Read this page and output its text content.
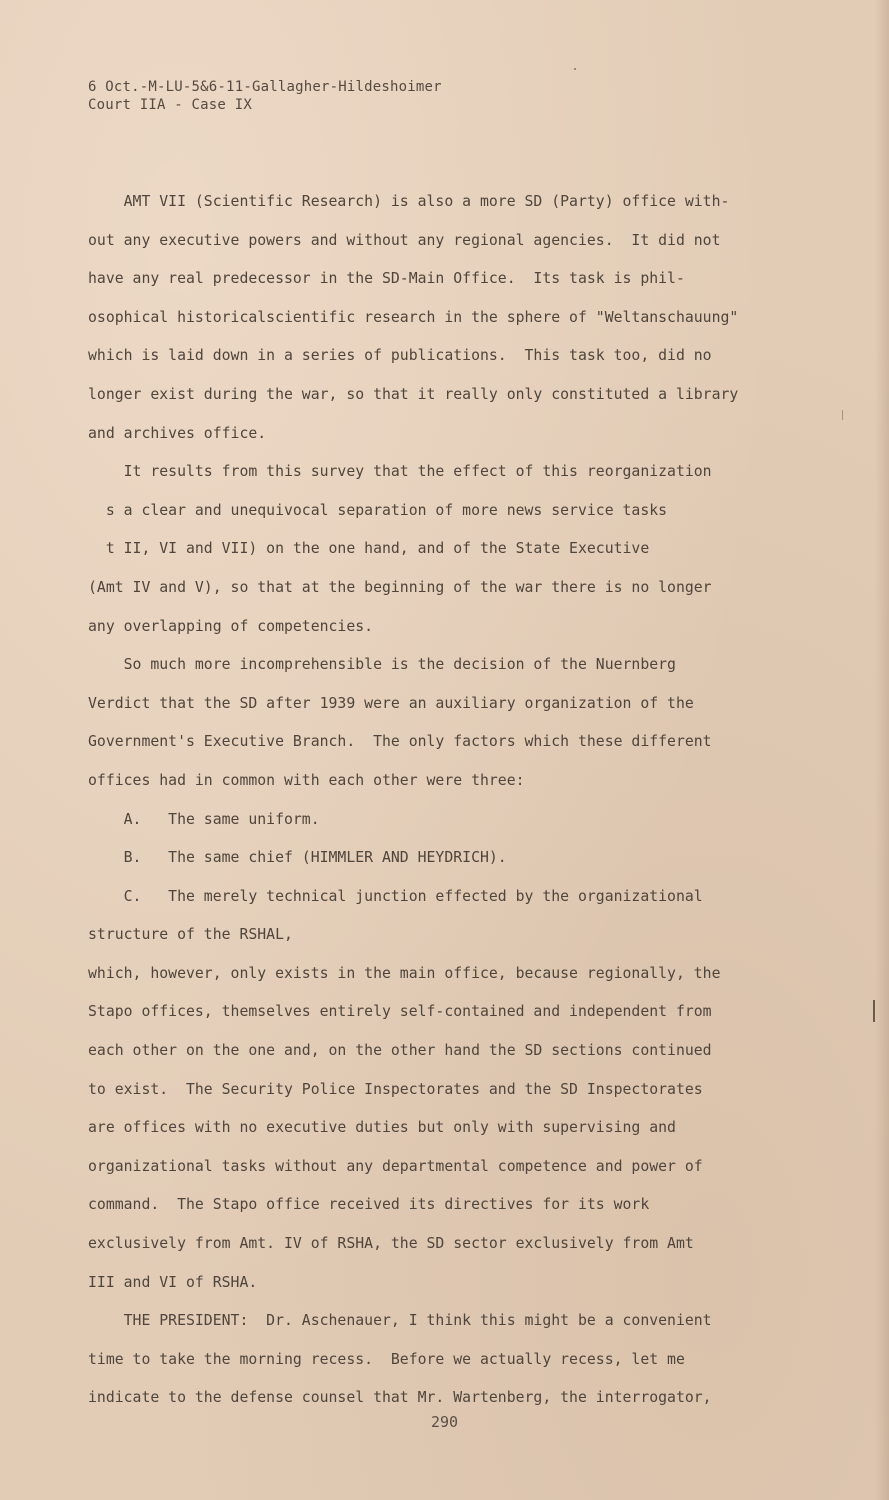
6 Oct.-M-LU-5&6-11-Gallagher-Hildeshoimer
Court IIA - Case IX
AMT VII (Scientific Research) is also a more SD (Party) office with-
out any executive powers and without any regional agencies.  It did not
have any real predecessor in the SD-Main Office.  Its task is phil-
osophical historicalscientific research in the sphere of "Weltanschauung"
which is laid down in a series of publications.  This task too, did no
longer exist during the war, so that it really only constituted a library
and archives office.
It results from this survey that the effect of this reorganization
s a clear and unequivocal separation of more news service tasks
t II, VI and VII) on the one hand, and of the State Executive
(Amt IV and V), so that at the beginning of the war there is no longer
any overlapping of competencies.
So much more incomprehensible is the decision of the Nuernberg
Verdict that the SD after 1939 were an auxiliary organization of the
Government's Executive Branch.  The only factors which these different
offices had in common with each other were three:
A.   The same uniform.
B.   The same chief (HIMMLER AND HEYDRICH).
C.   The merely technical junction effected by the organizational
structure of the RSHAL,
which, however, only exists in the main office, because regionally, the
Stapo offices, themselves entirely self-contained and independent from
each other on the one and, on the other hand the SD sections continued
to exist.  The Security Police Inspectorates and the SD Inspectorates
are offices with no executive duties but only with supervising and
organizational tasks without any departmental competence and power of
command.  The Stapo office received its directives for its work
exclusively from Amt. IV of RSHA, the SD sector exclusively from Amt
III and VI of RSHA.
THE PRESIDENT:  Dr. Aschenauer, I think this might be a convenient
time to take the morning recess.  Before we actually recess, let me
indicate to the defense counsel that Mr. Wartenberg, the interrogator,
290
